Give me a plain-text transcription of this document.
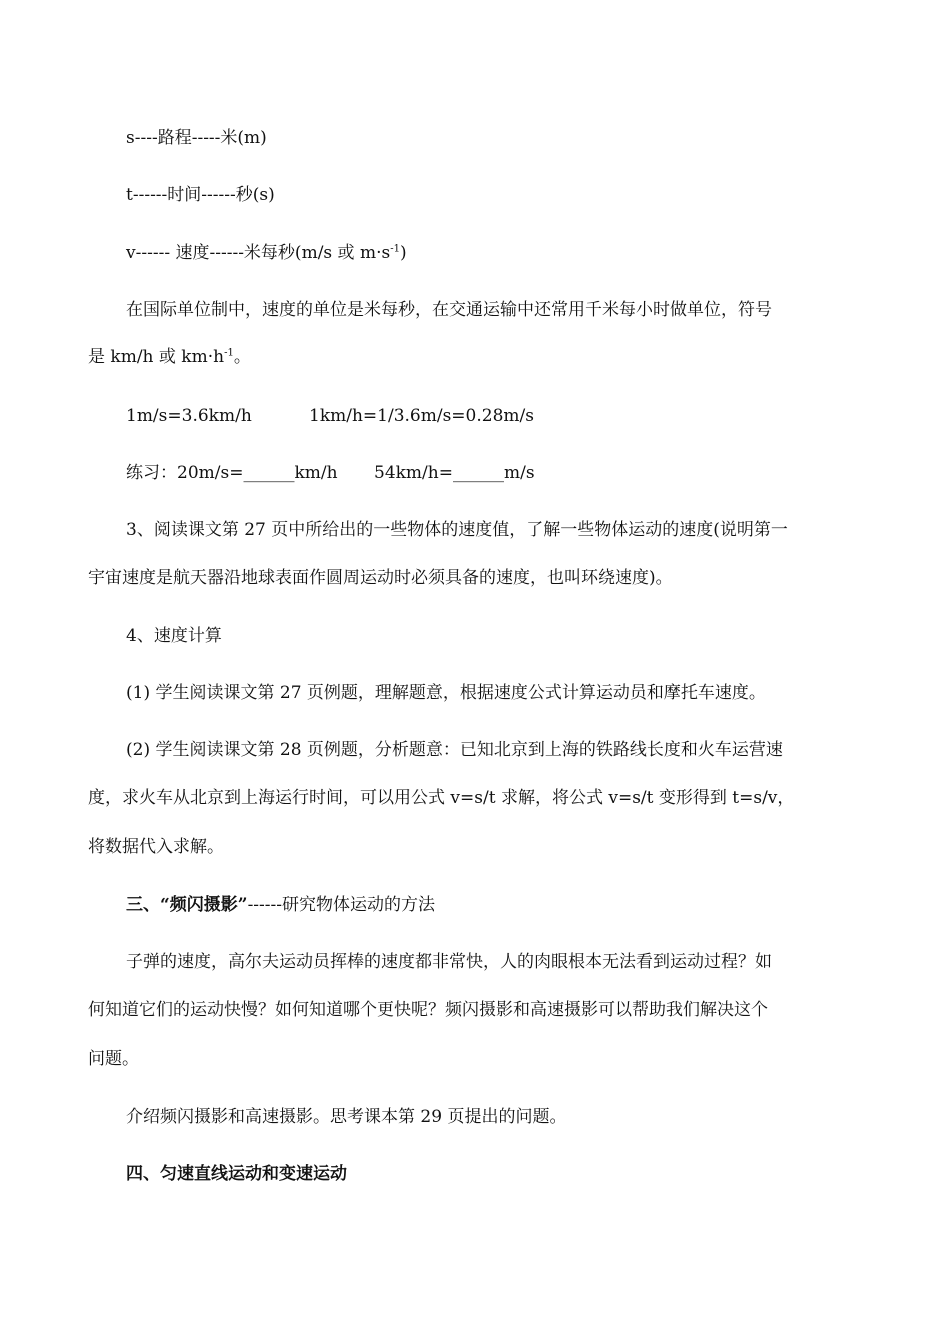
s----路程-----米(m)
t------时间------秒(s)
v------ 速度------米每秒(m/s 或 $m\cdot s^{-1}$)
在国际单位制中，速度的单位是米每秒，在交通运输中还常用千米每小时做单位，符号
是 km/h 或 $km\cdot h^{-1}$。
1m/s=3.6km/h	1km/h=1/3.6m/s=0.28m/s
练习：20m/s=______km/h 54km/h=______m/s
3、阅读课文第 27 页中所给出的一些物体的速度值，了解一些物体运动的速度(说明第一
宇宙速度是航天器沿地球表面作圆周运动时必须具备的速度，也叫环绕速度)。
4、速度计算
(1) 学生阅读课文第 27 页例题，理解题意，根据速度公式计算运动员和摩托车速度。
(2) 学生阅读课文第 28 页例题，分析题意：已知北京到上海的铁路线长度和火车运营速
度，求火车从北京到上海运行时间，可以用公式 v=s/t 求解，将公式 v=s/t 变形得到 t=s/v，
将数据代入求解。
三、“频闪摄影”------研究物体运动的方法
子弹的速度，高尔夫运动员挥棒的速度都非常快，人的肉眼根本无法看到运动过程？如
何知道它们的运动快慢？如何知道哪个更快呢？频闪摄影和高速摄影可以帮助我们解决这个
问题。
介绍频闪摄影和高速摄影。思考课本第 29 页提出的问题。
四、匀速直线运动和变速运动
